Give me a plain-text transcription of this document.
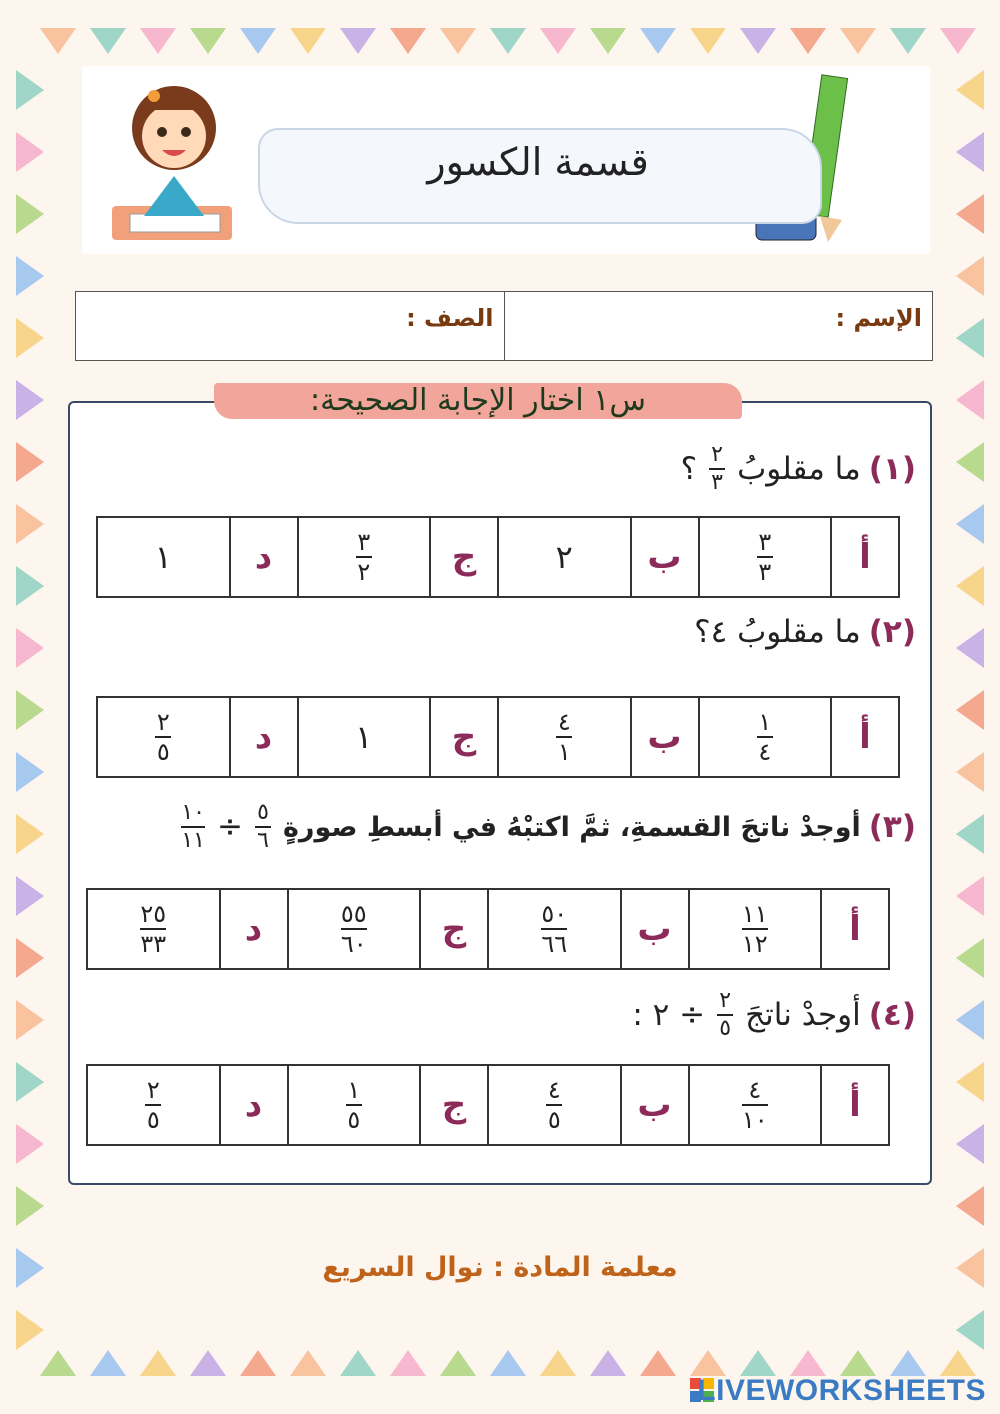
قسمة الكسور
الإسم :
الصف :
س١ اختار الإجابة الصحيحة:
(١)
ما مقلوبُ
$\frac{٢}{٣}$
؟
أ
$\frac{٣}{٣}$
ب
٢
ج
$\frac{٣}{٢}$
د
١
(٢)
ما مقلوبُ ٤؟
أ
$\frac{١}{٤}$
ب
$\frac{٤}{١}$
ج
١
د
$\frac{٢}{٥}$
(٣)
أوجدْ ناتجَ القسمةِ، ثمَّ اكتبْهُ في أبسطِ صورةٍ
$\frac{٥}{٦}$
÷
$\frac{١٠}{١١}$
أ
$\frac{١١}{١٢}$
ب
$\frac{٥٠}{٦٦}$
ج
$\frac{٥٥}{٦٠}$
د
$\frac{٢٥}{٣٣}$
(٤)
أوجدْ ناتجَ
$\frac{٢}{٥}$
÷ ٢ :
أ
$\frac{٤}{١٠}$
ب
$\frac{٤}{٥}$
ج
$\frac{١}{٥}$
د
$\frac{٢}{٥}$
معلمة المادة : نوال السريع
LIVEWORKSHEETS
